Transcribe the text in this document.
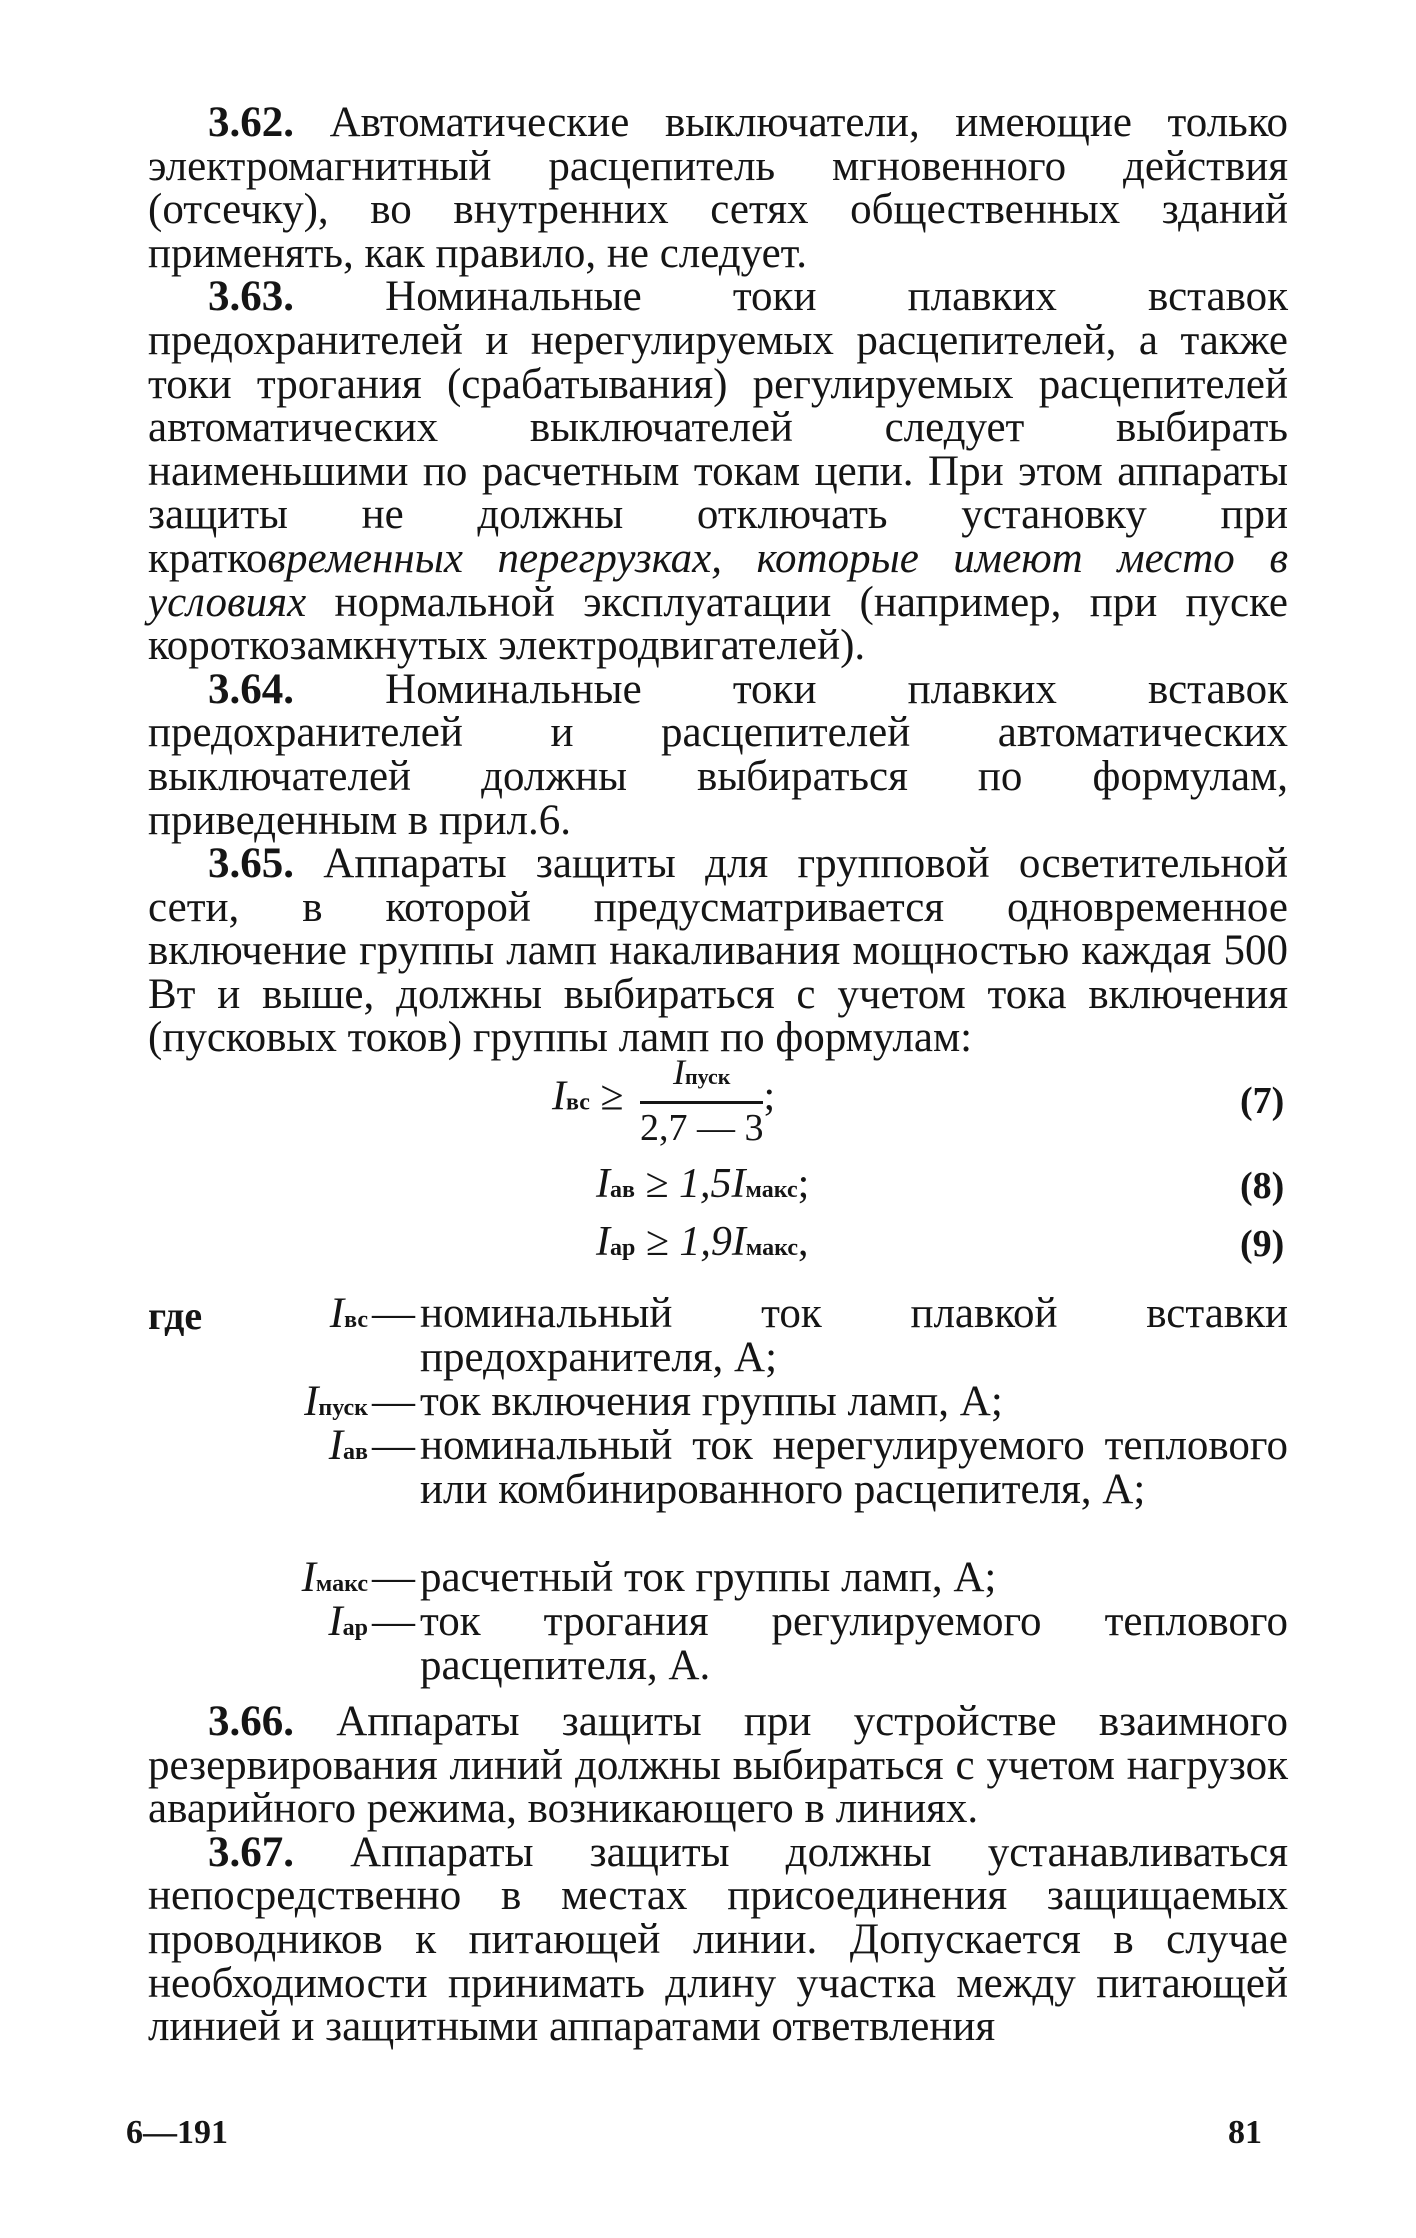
3.62. Автоматические выключатели, имеющие только электромагнитный расцепитель мгновенного действия (отсечку), во внутренних сетях общественных зданий применять, как правило, не следует.

3.63. Номинальные токи плавких вставок предохранителей и нерегулируемых расцепителей, а также токи трогания (срабатывания) регулируемых расцепителей автоматических выключателей следует выбирать наименьшими по расчетным токам цепи. При этом аппараты защиты не должны отключать установку при кратковременных перегрузках, которые имеют место в условиях нормальной эксплуатации (например, при пуске короткозамкнутых электродвигателей).

3.64. Номинальные токи плавких вставок предохранителей и расцепителей автоматических выключателей должны выбираться по формулам, приведенным в прил.6.

3.65. Аппараты защиты для групповой осветительной сети, в которой предусматривается одновременное включение группы ламп накаливания мощностью каждая 500 Вт и выше, должны выбираться с учетом тока включения (пусковых токов) группы ламп по формулам:

Iвс ≥ $\frac{\text{Iпуск}}{2,7 — 3}$ ;	(7)
Iав ≥ 1,5Iмакс;	(8)
Iар ≥ 1,9Iмакс,	(9)
где	Iвс — номинальный ток плавкой вставки предохранителя, А;
Iпуск — ток включения группы ламп, А;
Iав — номинальный ток нерегулируемого теплового или комбинированного расцепителя, А;
Iмакс — расчетный ток группы ламп, А;
Iар — ток трогания регулируемого теплового расцепителя, А.

3.66. Аппараты защиты при устройстве взаимного резервирования линий должны выбираться с учетом нагрузок аварийного режима, возникающего в линиях.

3.67. Аппараты защиты должны устанавливаться непосредственно в местах присоединения защищаемых проводников к питающей линии. Допускается в случае необходимости принимать длину участка между питающей линией и защитными аппаратами ответвления

6—191	81
